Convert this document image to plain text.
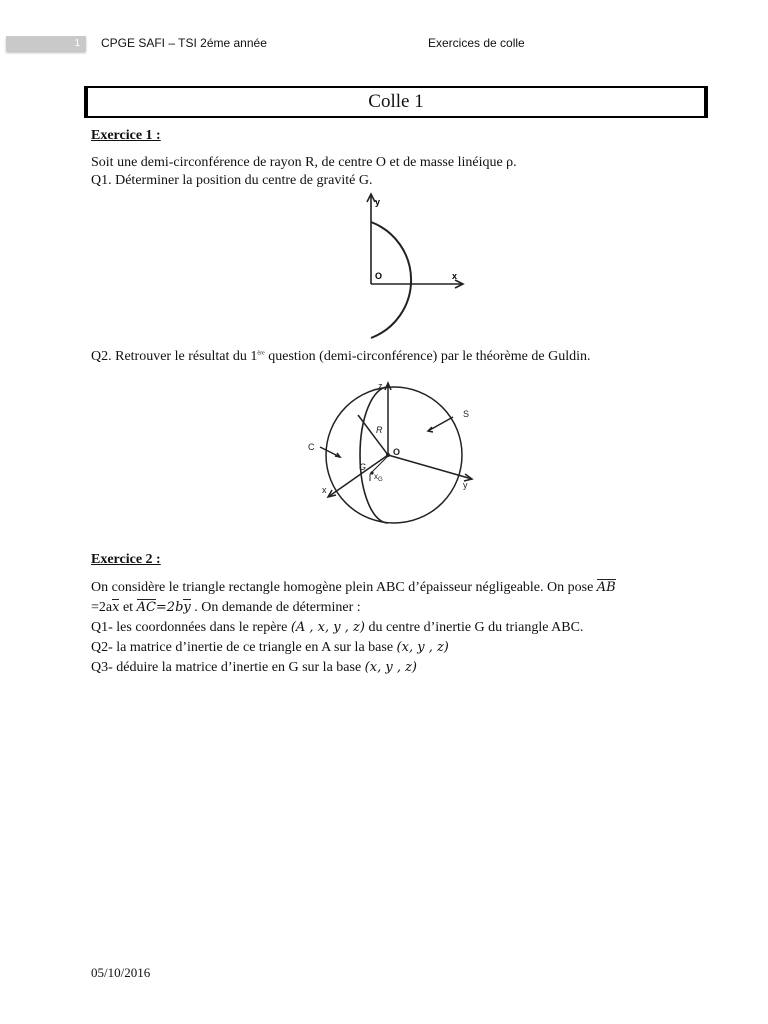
1	CPGE SAFI – TSI 2éme année	Exercices de colle
Colle 1
Exercice 1 :
Soit une demi-circonférence de rayon R, de centre O et de masse linéique ρ.
Q1. Déterminer la position du centre de gravité G.
y
O	x
Q2. Retrouver le résultat du 1ère question (demi-circonférence) par le théorème de Guldin.
z
S
C
R
O
G
$x_G$
x	y
Exercice 2 :
On considère le triangle rectangle homogène plein ABC d’épaisseur négligeable. On pose AB
=2ax et AC=2by . On demande de déterminer :
Q1- les coordonnées dans le repère (A , x, y , z) du centre d’inertie G du triangle ABC.
Q2- la matrice d’inertie de ce triangle en A sur la base (x, y , z)
Q3- déduire la matrice d’inertie en G sur la base (x, y , z)
05/10/2016
